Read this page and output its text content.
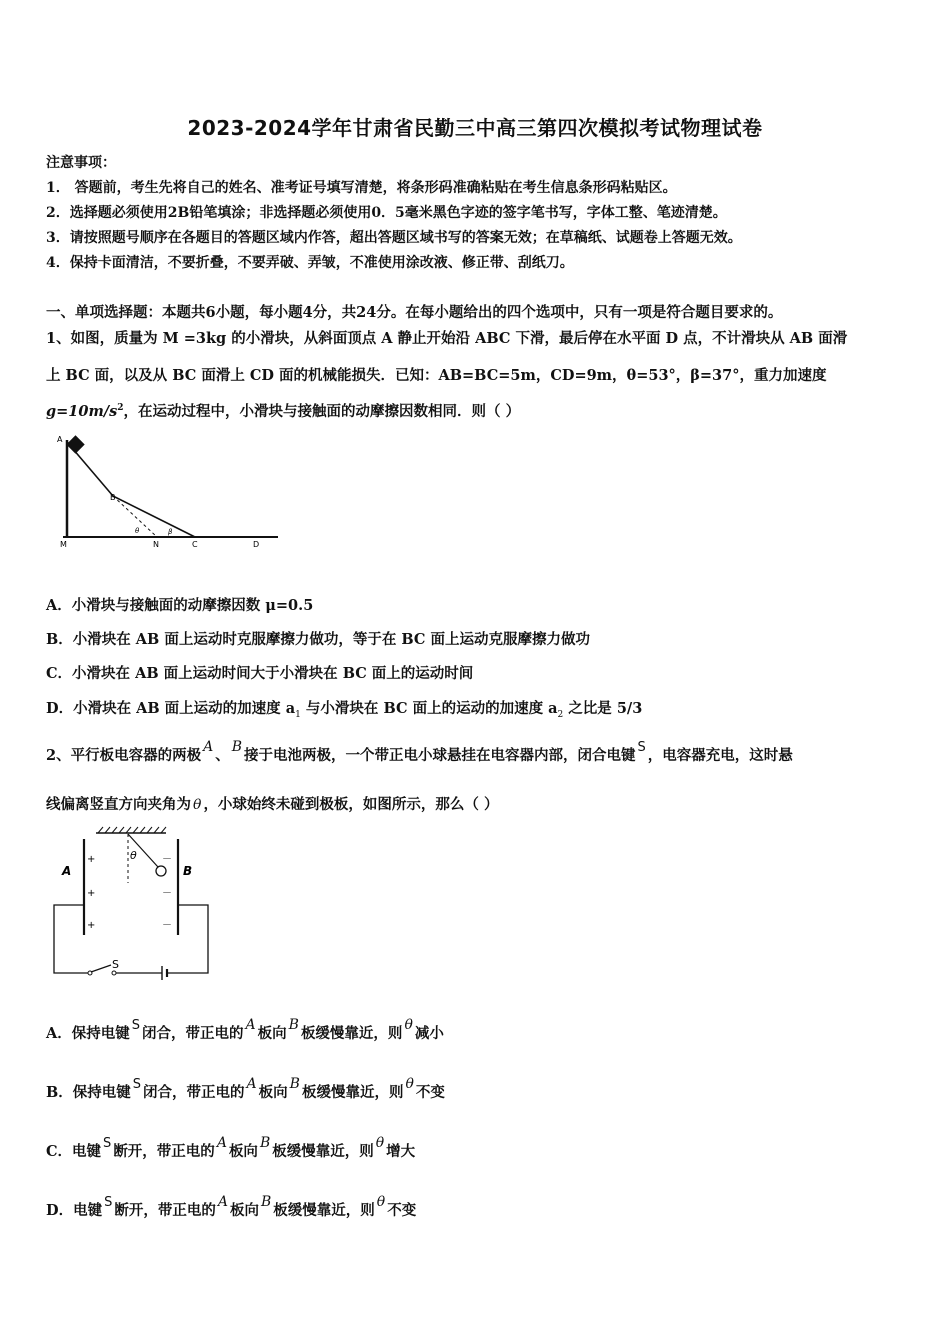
2023-2024学年甘肃省民勤三中高三第四次模拟考试物理试卷
注意事项：
1． 答题前，考生先将自己的姓名、准考证号填写清楚，将条形码准确粘贴在考生信息条形码粘贴区。
2．选择题必须使用2B铅笔填涂；非选择题必须使用0．5毫米黑色字迹的签字笔书写，字体工整、笔迹清楚。
3．请按照题号顺序在各题目的答题区域内作答，超出答题区域书写的答案无效；在草稿纸、试题卷上答题无效。
4．保持卡面清洁，不要折叠，不要弄破、弄皱，不准使用涂改液、修正带、刮纸刀。
一、单项选择题：本题共6小题，每小题4分，共24分。在每小题给出的四个选项中，只有一项是符合题目要求的。
1、如图，质量为 M =3kg 的小滑块，从斜面顶点 A 静止开始沿 ABC 下滑，最后停在水平面 D 点，不计滑块从 AB 面滑
上 BC 面，以及从 BC 面滑上 CD 面的机械能损失．已知：AB=BC=5m，CD=9m，θ=53°，β=37°，重力加速度
$g=10m/s^2$，在运动过程中，小滑块与接触面的动摩擦因数相同．则（ ）
A
B
M	N	C	D
θ	β
A．小滑块与接触面的动摩擦因数 μ=0.5
B．小滑块在 AB 面上运动时克服摩擦力做功，等于在 BC 面上运动克服摩擦力做功
C．小滑块在 AB 面上运动时间大于小滑块在 BC 面上的运动时间
D．小滑块在 AB 面上运动的加速度 $a_1$ 与小滑块在 BC 面上的运动的加速度 $a_2$ 之比是 5/3
2、平行板电容器的两极 A 、 B 接于电池两极，一个带正电小球悬挂在电容器内部，闭合电键 S ，电容器充电，这时悬
线偏离竖直方向夹角为 θ ，小球始终未碰到极板，如图所示，那么（ ）
θ
+
+
+
－
－
－
A	B
S
A．保持电键 S 闭合，带正电的 A 板向 B 板缓慢靠近，则 θ 减小
B．保持电键 S 闭合，带正电的 A 板向 B 板缓慢靠近，则 θ 不变
C．电键 S 断开，带正电的 A 板向 B 板缓慢靠近，则 θ 增大
D．电键 S 断开，带正电的 A 板向 B 板缓慢靠近，则 θ 不变
